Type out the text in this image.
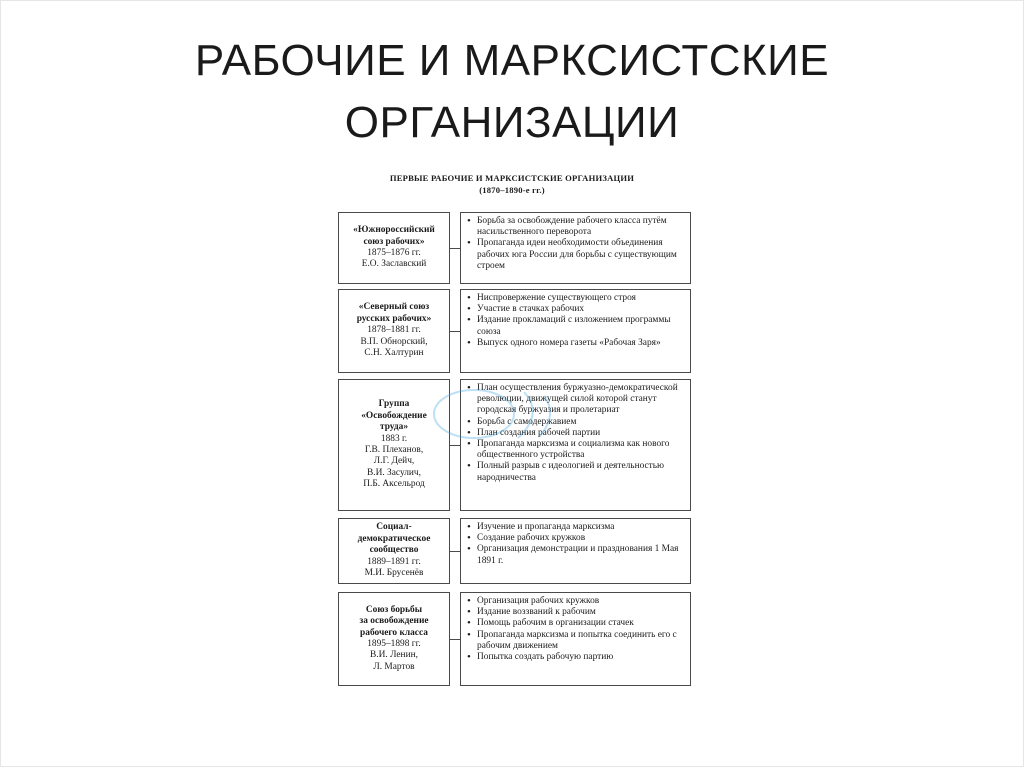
РАБОЧИЕ И МАРКСИСТСКИЕ
ОРГАНИЗАЦИИ
ПЕРВЫЕ РАБОЧИЕ И МАРКСИСТСКИЕ ОРГАНИЗАЦИИ
(1870–1890-е гг.)
«Южнороссийский
союз рабочих»
1875–1876 гг.
Е.О. Заславский
• Борьба за освобождение рабочего класса путём насильственного переворота
• Пропаганда идеи необходимости объединения рабочих юга России для борьбы с существующим строем
«Северный союз
русских рабочих»
1878–1881 гг.
В.П. Обнорский,
С.Н. Халтурин
• Ниспровержение существующего строя
• Участие в стачках рабочих
• Издание прокламаций с изложением программы союза
• Выпуск одного номера газеты «Рабочая Заря»
Группа
«Освобождение
труда»
1883 г.
Г.В. Плеханов,
Л.Г. Дейч,
В.И. Засулич,
П.Б. Аксельрод
• План осуществления буржуазно-демократической революции, движущей силой которой станут городская буржуазия и пролетариат
• Борьба с самодержавием
• План создания рабочей партии
• Пропаганда марксизма и социализма как нового общественного устройства
• Полный разрыв с идеологией и деятельностью народничества
Социал-
демократическое
сообщество
1889–1891 гг.
М.И. Брусенёв
• Изучение и пропаганда марксизма
• Создание рабочих кружков
• Организация демонстрации и празднования 1 Мая 1891 г.
Союз борьбы
за освобождение
рабочего класса
1895–1898 гг.
В.И. Ленин,
Л. Мартов
• Организация рабочих кружков
• Издание воззваний к рабочим
• Помощь рабочим в организации стачек
• Пропаганда марксизма и попытка соединить его с рабочим движением
• Попытка создать рабочую партию
